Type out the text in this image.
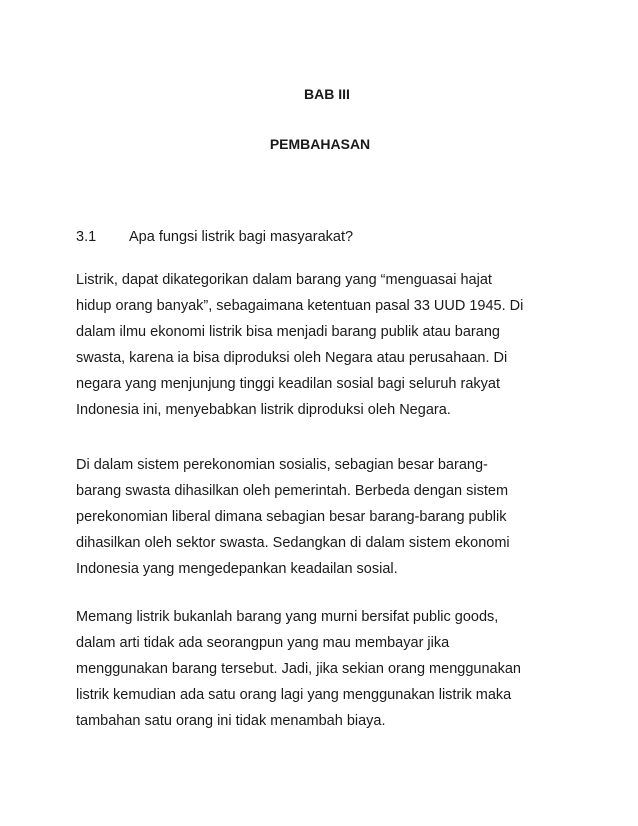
BAB III
PEMBAHASAN
3.1 Apa fungsi listrik bagi masyarakat?
Listrik, dapat dikategorikan dalam barang yang “menguasai hajat
hidup orang banyak”, sebagaimana ketentuan pasal 33 UUD 1945. Di
dalam ilmu ekonomi listrik bisa menjadi barang publik atau barang
swasta, karena ia bisa diproduksi oleh Negara atau perusahaan. Di
negara yang menjunjung tinggi keadilan sosial bagi seluruh rakyat
Indonesia ini, menyebabkan listrik diproduksi oleh Negara.
Di dalam sistem perekonomian sosialis, sebagian besar barang-
barang swasta dihasilkan oleh pemerintah. Berbeda dengan sistem
perekonomian liberal dimana sebagian besar barang-barang publik
dihasilkan oleh sektor swasta. Sedangkan di dalam sistem ekonomi
Indonesia yang mengedepankan keadailan sosial.
Memang listrik bukanlah barang yang murni bersifat public goods,
dalam arti tidak ada seorangpun yang mau membayar jika
menggunakan barang tersebut. Jadi, jika sekian orang menggunakan
listrik kemudian ada satu orang lagi yang menggunakan listrik maka
tambahan satu orang ini tidak menambah biaya.
